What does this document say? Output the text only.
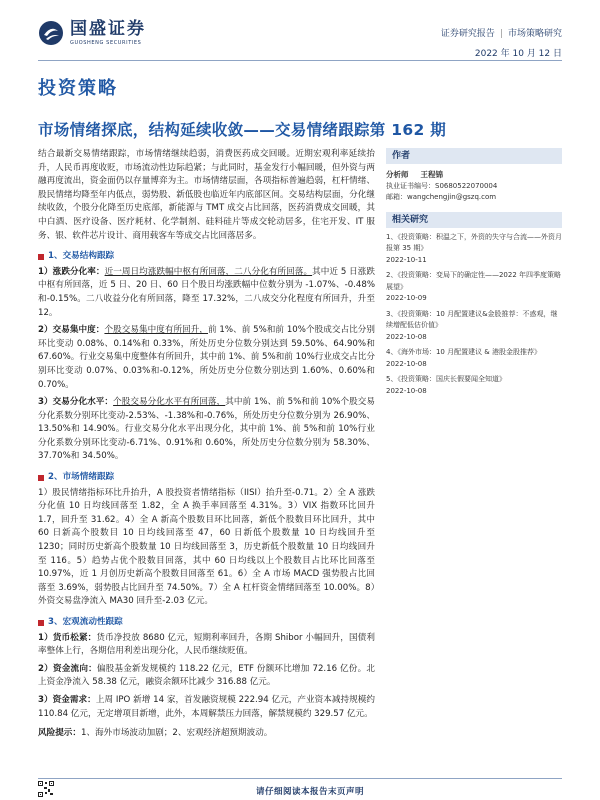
国盛证券
GUOSHENG SECURITIES
证券研究报告 | 市场策略研究
2022 年 10 月 12 日
投资策略
市场情绪探底，结构延续收敛——交易情绪跟踪第 162 期

结合最新交易情绪跟踪，市场情绪继续趋弱，消费医药成交回暖。近期宏观利率延续抬升，人民币再度收贬，市场流动性边际趋紧；与此同时，基金发行小幅回暖，但外资与两融再度流出，资金面仍以存量博弈为主。市场情绪层面，各项指标普遍趋弱，杠杆情绪、股民情绪均降至年内低点，弱势股、新低股也临近年内底部区间。交易结构层面，分化继续收敛，个股分化降至历史底部，新能源与 TMT 成交占比回落，医药消费成交回暖，其中白酒、医疗设备、医疗耗材、化学制剂、硅料硅片等成交轮动居多，住宅开发、IT 服务、银、软件芯片设计、商用载客车等成交占比回落居多。

1、交易结构跟踪

1）涨跌分化率：近一周日均涨跌幅中枢有所回落，二八分化有所回落。其中近 5 日涨跌中枢有所回落，近 5 日、20 日、60 日个股日均涨跌幅中位数分别为 -1.07%、-0.48%和-0.15%。二八收益分化有所回落，降至 17.32%，二八成交分化程度有所回升，升至 12。

2）交易集中度：个股交易集中度有所回升，前 1%、前 5%和前 10%个股成交占比分别环比变动 0.08%、0.14%和 0.33%，所处历史分位数分别达到 59.50%、64.90%和 67.60%。行业交易集中度整体有所回升，其中前 1%、前 5%和前 10%行业成交占比分别环比变动 0.07%、0.03%和-0.12%，所处历史分位数分别达到 1.60%、0.60%和 0.70%。

3）交易分化水平：个股交易分化水平有所回落，其中前 1%、前 5%和前 10%个股交易分化系数分别环比变动-2.53%、-1.38%和-0.76%，所处历史分位数分别为 26.90%、13.50%和 14.90%。行业交易分化水平出现分化，其中前 1%、前 5%和前 10%行业分化系数分别环比变动-6.71%、0.91%和 0.60%，所处历史分位数分别为 58.30%、37.70%和 34.50%。

2、市场情绪跟踪

1）股民情绪指标环比升抬升，A 股投资者情绪指标（IISI）抬升至-0.71。2）全 A 涨跌分化值 10 日均线回落至 1.82，全 A 换手率回落至 4.31%。3）VIX 指数环比回升 1.7，回升至 31.62。4）全 A 新高个股数目环比回落，新低个股数目环比回升，其中 60 日新高个股数目 10 日均线回落至 47，60 日新低个股数量 10 日均线回升至 1230；同时历史新高个股数量 10 日均线回落至 3，历史新低个股数量 10 日均线回升至 116。5）趋势占优个股数目回落，其中 60 日均线以上个股数目占比环比回落至 10.97%，近 1 月创历史新高个股数目回落至 61。6）全 A 市场 MACD 强势股占比回落至 3.69%，弱势股占比回升至 74.50%。7）全 A 杠杆资金情绪回落至 10.00%。8）外资交易盘净流入 MA30 回升至-2.03 亿元。

3、宏观流动性跟踪

1）货币松紧：货币净投放 8680 亿元，短期利率回升，各期 Shibor 小幅回升，国债利率整体上行，各期信用利差出现分化，人民币继续贬值。

2）资金流向：偏股基金新发规模约 118.22 亿元，ETF 份额环比增加 72.16 亿份。北上资金净流入 58.38 亿元，融资余额环比减少 316.88 亿元。

3）资金需求：上周 IPO 新增 14 家，首发融资规模 222.94 亿元，产业资本减持规模约 110.84 亿元，无定增项目新增，此外，本周解禁压力回落，解禁规模约 329.57 亿元。

风险提示：1、海外市场波动加剧；2、宏观经济超预期波动。

作者
分析师 王程锦
执业证书编号：S0680522070004
邮箱：wangchengjin@gszq.com
相关研究
1、《投资策略：积温之下，外资的失守与合流——外资月报第 35 期》
2022-10-11
2、《投资策略：变局下的确定性——2022 年四季度策略展望》
2022-10-09
3、《投资策略：10 月配置建议&金股推荐：不惑观，继续增配低估价值》
2022-10-08
4、《海外市场：10 月配置建议 & 港股金股推荐》
2022-10-08
5、《投资策略：国庆长假要闻全知道》
2022-10-08
请仔细阅读本报告末页声明
